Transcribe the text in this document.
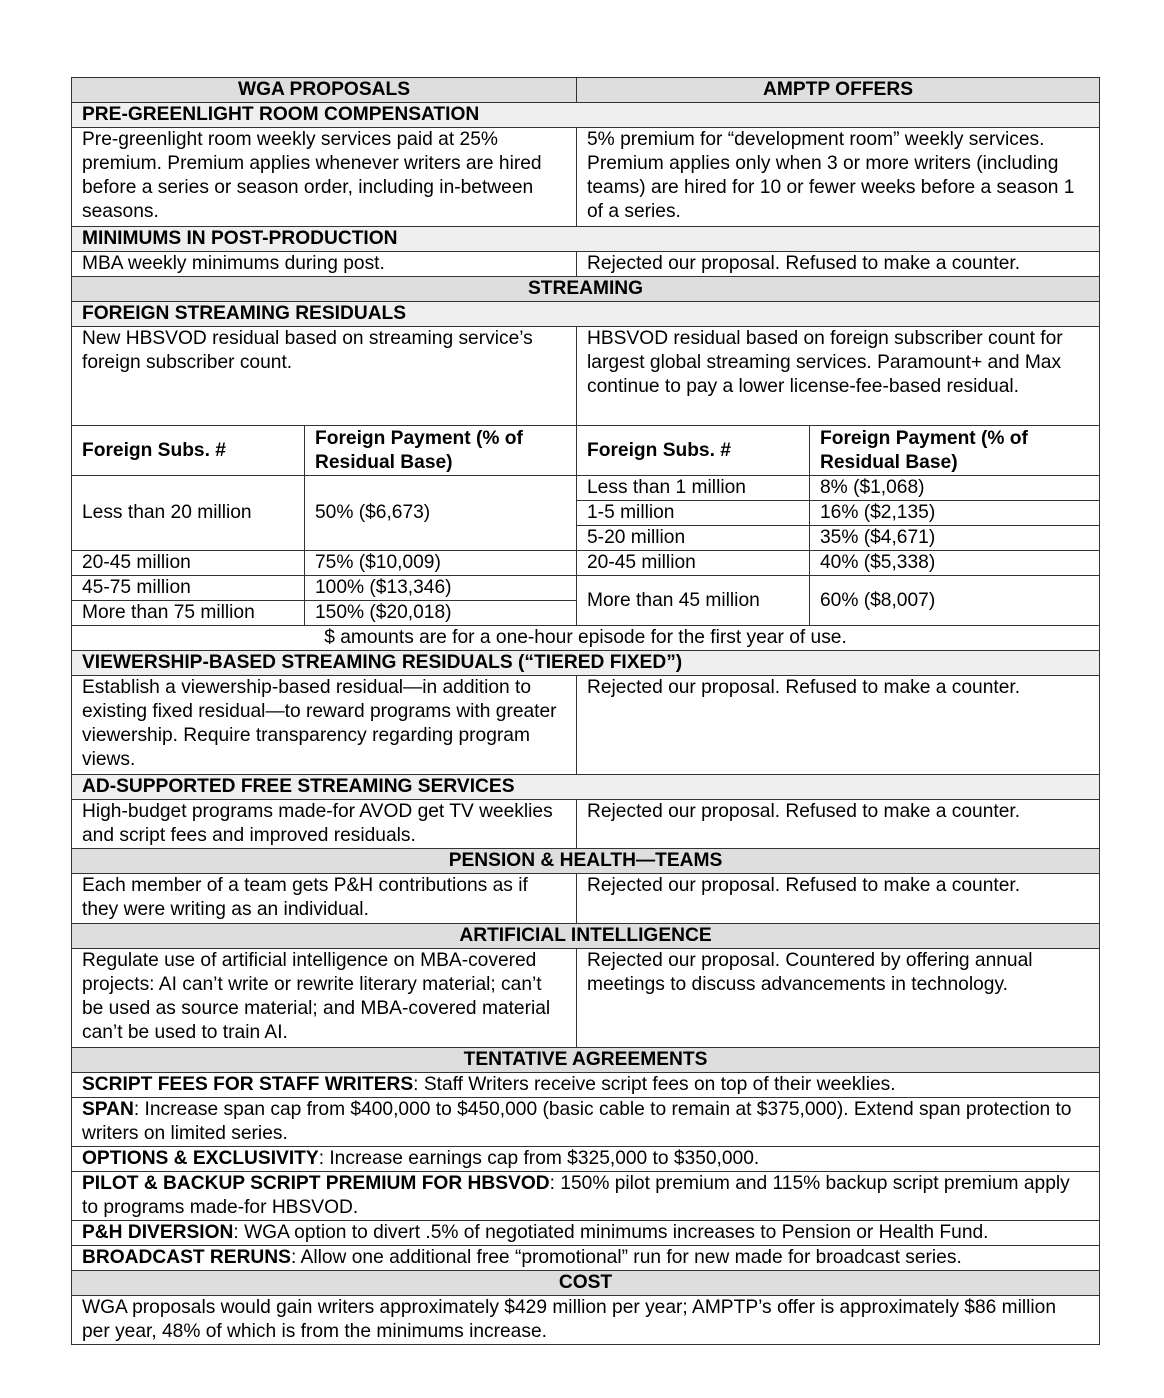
WGA PROPOSALS		AMPTP OFFERS	
PRE-GREENLIGHT ROOM COMPENSATION			
Pre-greenlight room weekly services paid at 25% premium. Premium applies whenever writers are hired before a series or season order, including in-between seasons.		5% premium for “development room” weekly services. Premium applies only when 3 or more writers (including teams) are hired for 10 or fewer weeks before a season 1 of a series.	
MINIMUMS IN POST-PRODUCTION			
MBA weekly minimums during post.		Rejected our proposal. Refused to make a counter.	
STREAMING			
FOREIGN STREAMING RESIDUALS			
New HBSVOD residual based on streaming service’s foreign subscriber count.		HBSVOD residual based on foreign subscriber count for largest global streaming services. Paramount+ and Max continue to pay a lower license-fee-based residual.	
Foreign Subs. #	Foreign Payment (% of Residual Base)	Foreign Subs. #	Foreign Payment (% of Residual Base)
Less than 20 million	50% ($6,673)	Less than 1 million	8% ($1,068)
		1-5 million	16% ($2,135)
		5-20 million	35% ($4,671)
20-45 million	75% ($10,009)	20-45 million	40% ($5,338)
45-75 million	100% ($13,346)	More than 45 million	60% ($8,007)
More than 75 million	150% ($20,018)		
$ amounts are for a one-hour episode for the first year of use.			
VIEWERSHIP-BASED STREAMING RESIDUALS (“TIERED FIXED”)			
Establish a viewership-based residual—in addition to existing fixed residual—to reward programs with greater viewership. Require transparency regarding program views.		Rejected our proposal. Refused to make a counter.	
AD-SUPPORTED FREE STREAMING SERVICES			
High-budget programs made-for AVOD get TV weeklies and script fees and improved residuals.		Rejected our proposal. Refused to make a counter.	
PENSION & HEALTH—TEAMS			
Each member of a team gets P&H contributions as if they were writing as an individual.		Rejected our proposal. Refused to make a counter.	
ARTIFICIAL INTELLIGENCE			
Regulate use of artificial intelligence on MBA-covered projects: AI can’t write or rewrite literary material; can’t be used as source material; and MBA-covered material can’t be used to train AI.		Rejected our proposal. Countered by offering annual meetings to discuss advancements in technology.	
TENTATIVE AGREEMENTS			
SCRIPT FEES FOR STAFF WRITERS: Staff Writers receive script fees on top of their weeklies.			
SPAN: Increase span cap from $400,000 to $450,000 (basic cable to remain at $375,000). Extend span protection to writers on limited series.			
OPTIONS & EXCLUSIVITY: Increase earnings cap from $325,000 to $350,000.			
PILOT & BACKUP SCRIPT PREMIUM FOR HBSVOD: 150% pilot premium and 115% backup script premium apply to programs made-for HBSVOD.			
P&H DIVERSION: WGA option to divert .5% of negotiated minimums increases to Pension or Health Fund.			
BROADCAST RERUNS: Allow one additional free “promotional” run for new made for broadcast series.			
COST			
WGA proposals would gain writers approximately $429 million per year; AMPTP’s offer is approximately $86 million per year, 48% of which is from the minimums increase.			
